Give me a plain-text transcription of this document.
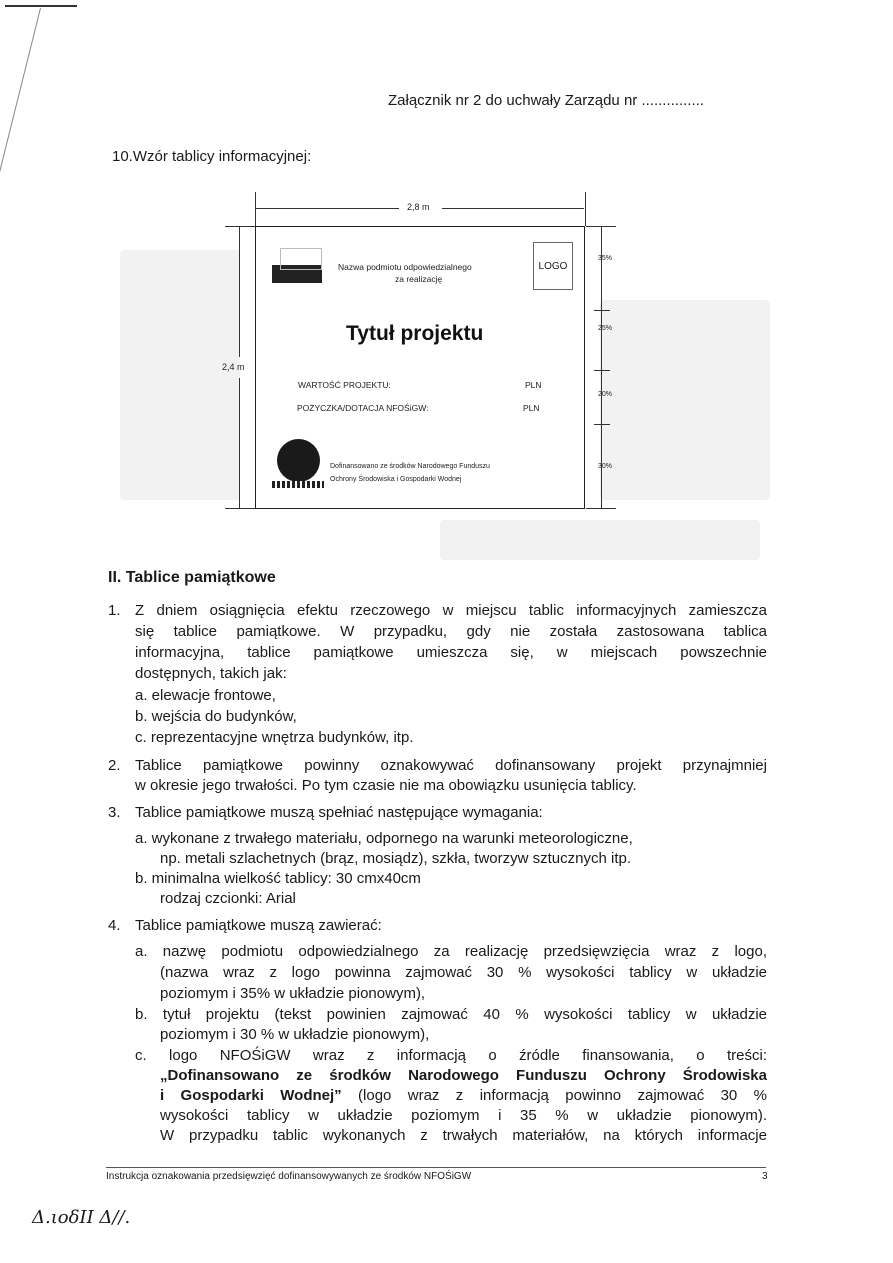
Załącznik nr 2 do uchwały Zarządu nr ...............
10.Wzór tablicy informacyjnej:
2,8 m
2,4 m
35%
25%
20%
30%
Nazwa podmiotu odpowiedzialnego
za realizację
LOGO
Tytuł projektu
WARTOŚĆ PROJEKTU:	PLN
POŻYCZKA/DOTACJA NFOŚiGW:	PLN
Dofinansowano ze środków Narodowego Funduszu
Ochrony Środowiska i Gospodarki Wodnej
II. Tablice pamiątkowe
1. Z dniem osiągnięcia efektu rzeczowego w miejscu tablic informacyjnych zamieszcza
się tablice pamiątkowe. W przypadku, gdy nie została zastosowana tablica
informacyjna, tablice pamiątkowe umieszcza się, w miejscach powszechnie
dostępnych, takich jak:
a. elewacje frontowe,
b. wejścia do budynków,
c. reprezentacyjne wnętrza budynków, itp.
2. Tablice pamiątkowe powinny oznakowywać dofinansowany projekt przynajmniej
w okresie jego trwałości. Po tym czasie nie ma obowiązku usunięcia tablicy.
3. Tablice pamiątkowe muszą spełniać następujące wymagania:
a. wykonane z trwałego materiału, odpornego na warunki meteorologiczne,
np. metali szlachetnych (brąz, mosiądz), szkła, tworzyw sztucznych itp.
b. minimalna wielkość tablicy: 30 cmx40cm
rodzaj czcionki: Arial
4. Tablice pamiątkowe muszą zawierać:
a. nazwę podmiotu odpowiedzialnego za realizację przedsięwzięcia wraz z logo,
(nazwa wraz z logo powinna zajmować 30 % wysokości tablicy w układzie
poziomym i 35% w układzie pionowym),
b. tytuł projektu (tekst powinien zajmować 40 % wysokości tablicy w układzie
poziomym i 30 % w układzie pionowym),
c. logo NFOŚiGW wraz z informacją o źródle finansowania, o treści:
„Dofinansowano ze środków Narodowego Funduszu Ochrony Środowiska
i Gospodarki Wodnej” (logo wraz z informacją powinno zajmować 30 %
wysokości tablicy w układzie poziomym i 35 % w układzie pionowym).
W przypadku tablic wykonanych z trwałych materiałów, na których informacje
Instrukcja oznakowania przedsięwzięć dofinansowywanych ze środków NFOŚiGW	3
Δ.ιοδΙΙ Δ//.
